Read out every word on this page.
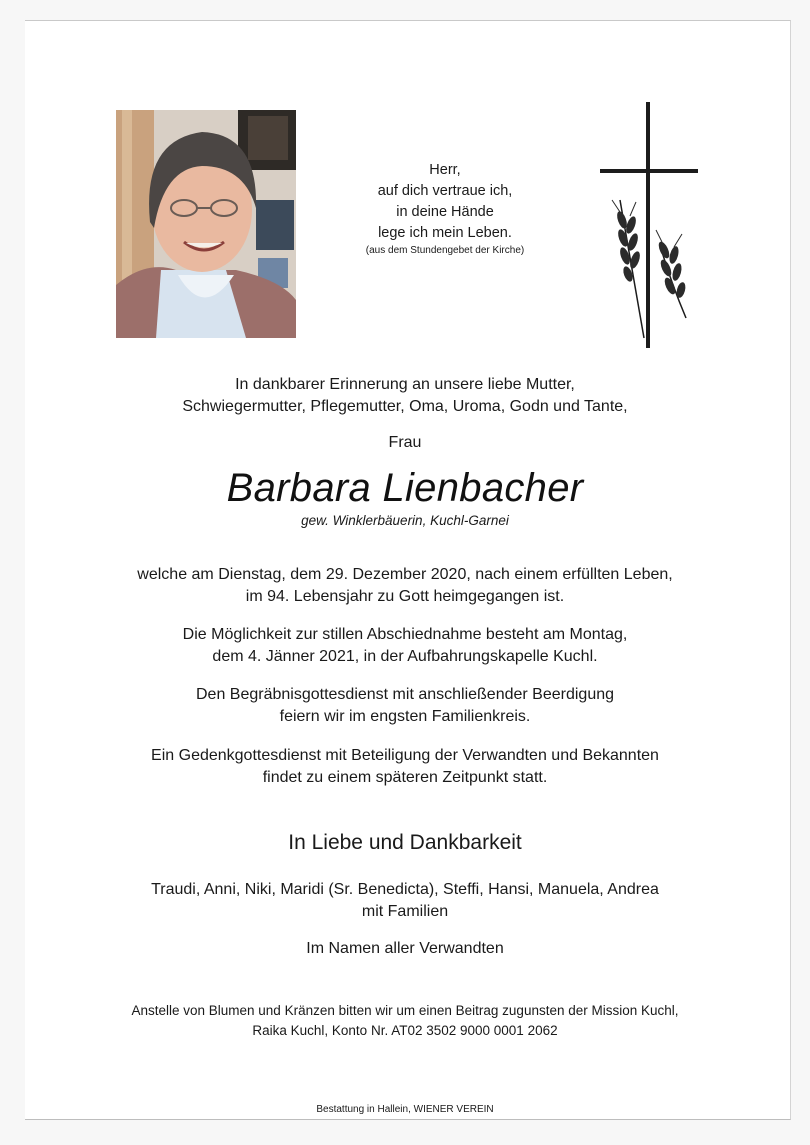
Herr,
auf dich vertraue ich,
in deine Hände
lege ich mein Leben.
(aus dem Stundengebet der Kirche)
In dankbarer Erinnerung an unsere liebe Mutter,
Schwiegermutter, Pflegemutter, Oma, Uroma, Godn und Tante,
Frau
Barbara Lienbacher
gew. Winklerbäuerin, Kuchl-Garnei
welche am Dienstag, dem 29. Dezember 2020, nach einem erfüllten Leben,
im 94. Lebensjahr zu Gott heimgegangen ist.
Die Möglichkeit zur stillen Abschiednahme besteht am Montag,
dem 4. Jänner 2021, in der Aufbahrungskapelle Kuchl.
Den Begräbnisgottesdienst mit anschließender Beerdigung
feiern wir im engsten Familienkreis.
Ein Gedenkgottesdienst mit Beteiligung der Verwandten und Bekannten
findet zu einem späteren Zeitpunkt statt.
In Liebe und Dankbarkeit
Traudi, Anni, Niki, Maridi (Sr. Benedicta), Steffi, Hansi, Manuela, Andrea
mit Familien
Im Namen aller Verwandten
Anstelle von Blumen und Kränzen bitten wir um einen Beitrag zugunsten der Mission Kuchl,
Raika Kuchl, Konto Nr. AT02 3502 9000 0001 2062
Bestattung in Hallein, WIENER VEREIN
